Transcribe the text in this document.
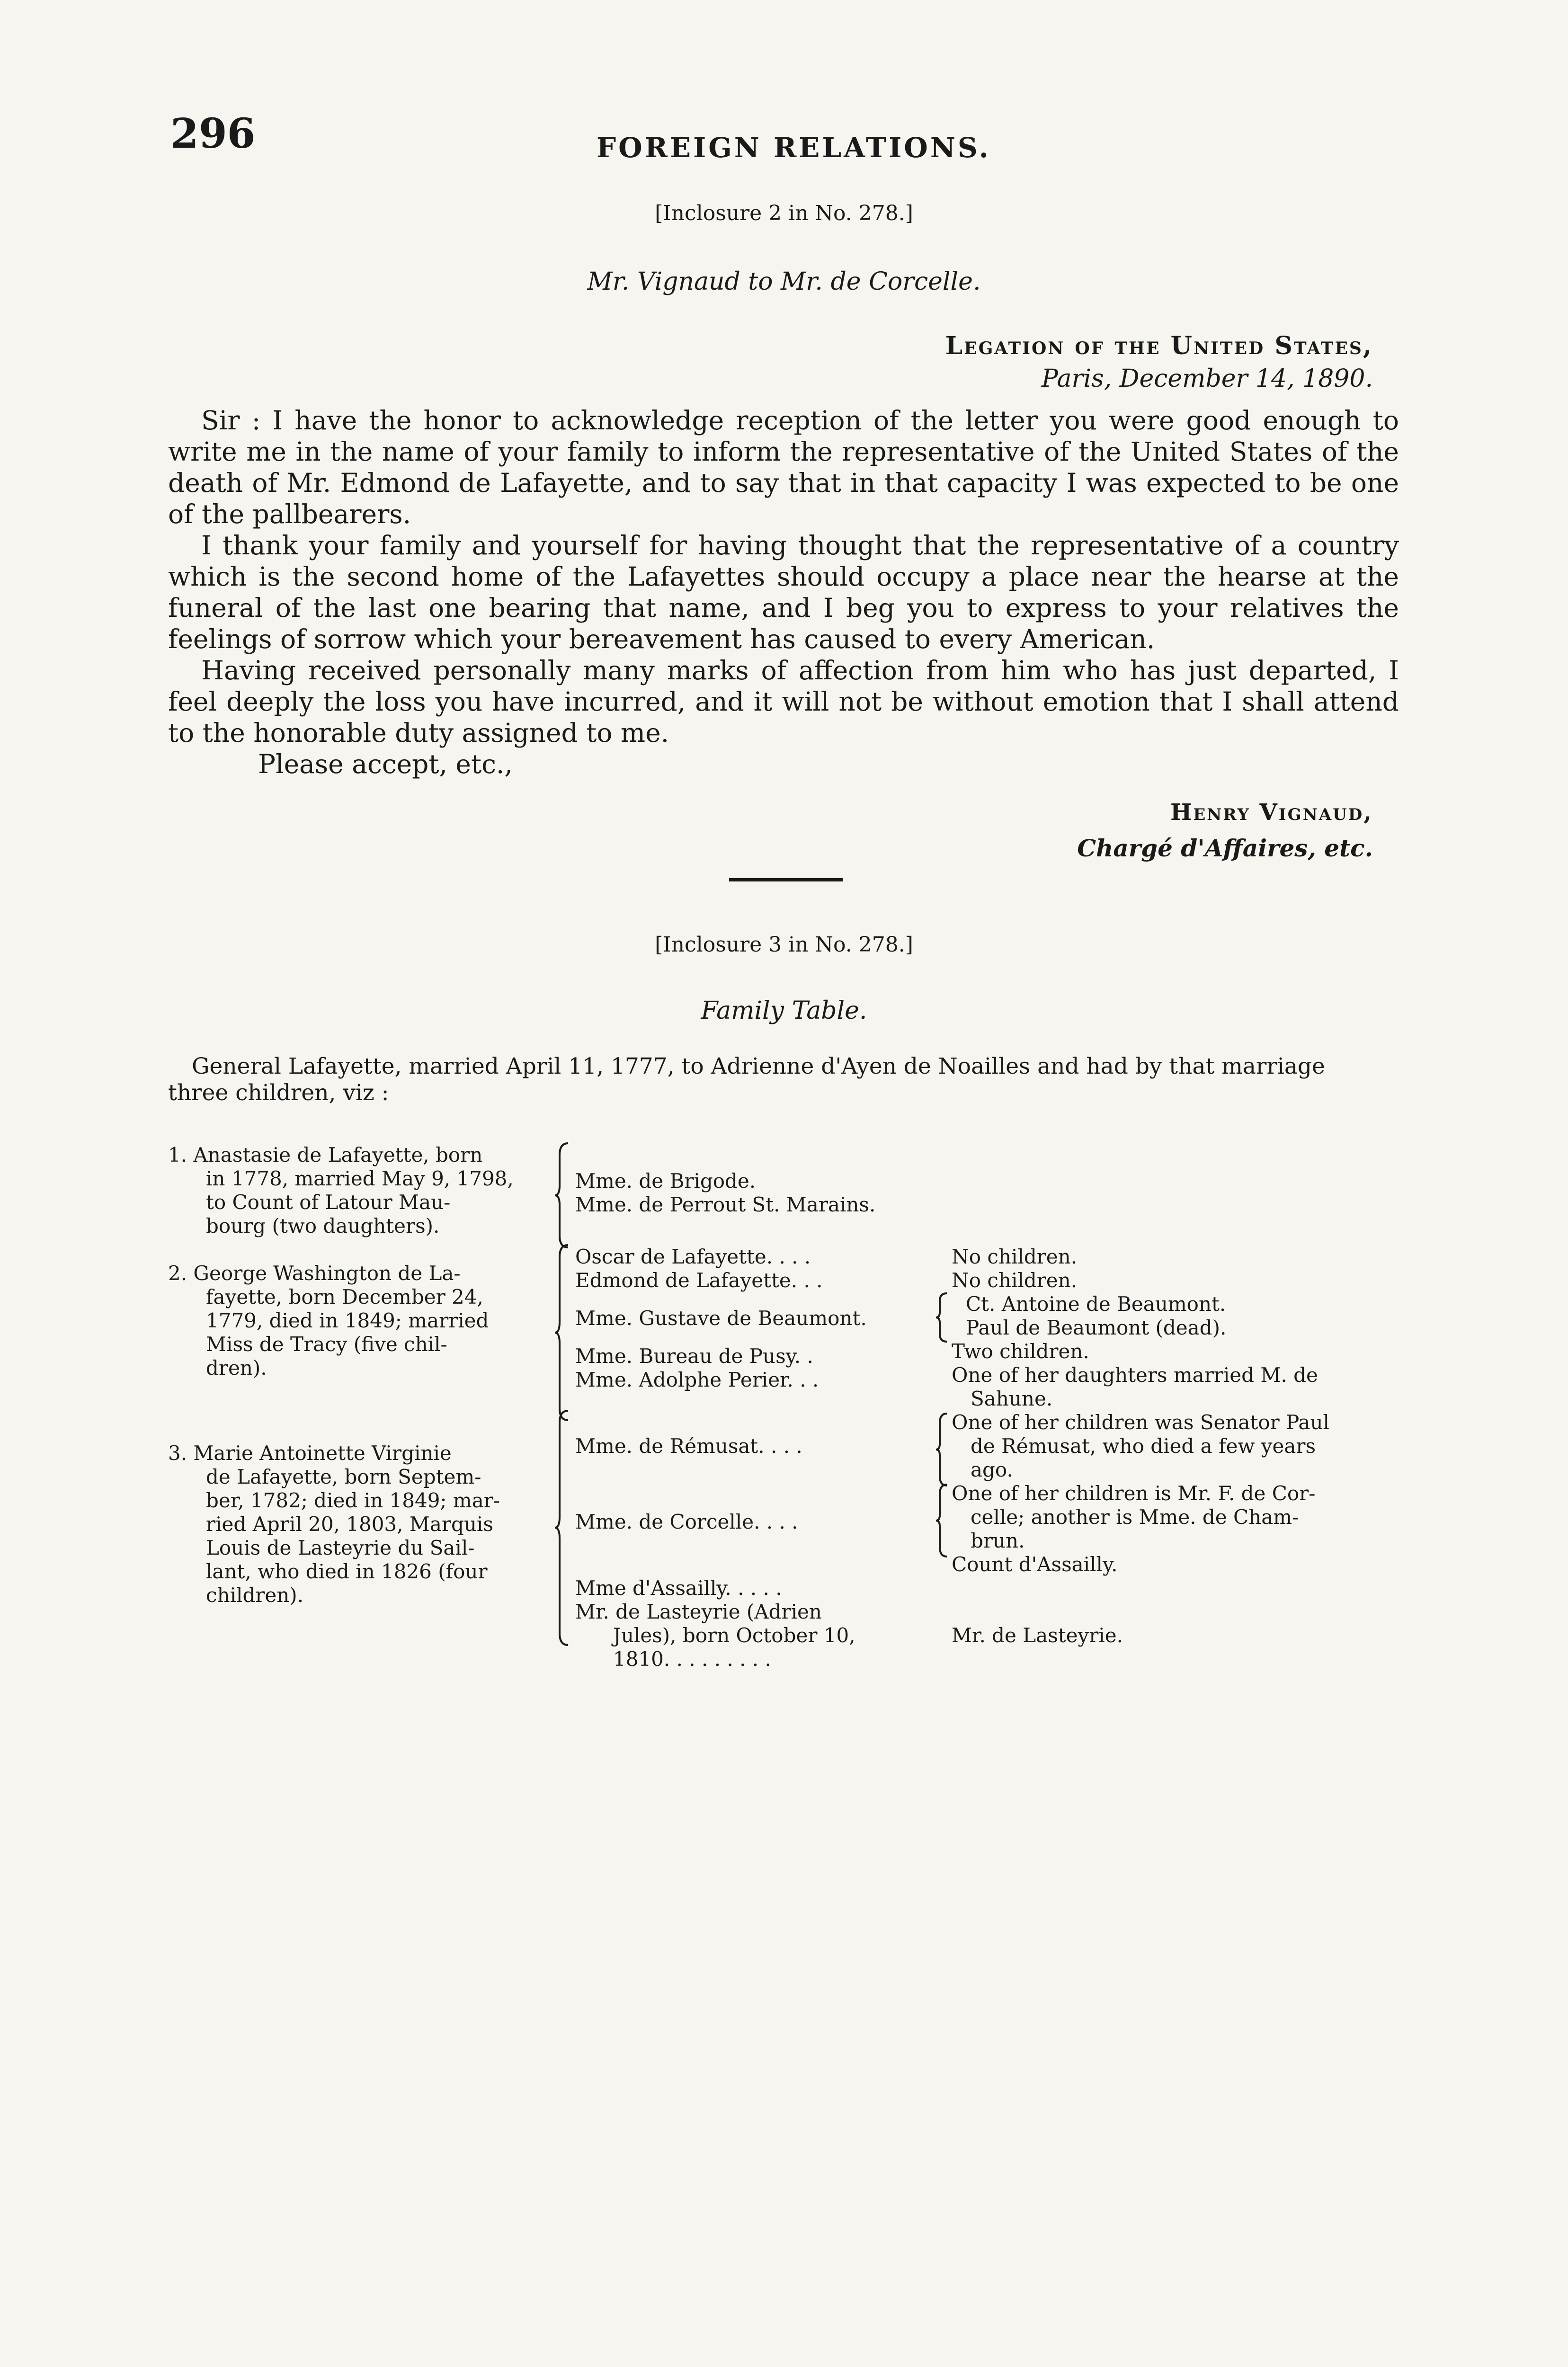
296	FOREIGN RELATIONS.
[Inclosure 2 in No. 278.]
Mr. Vignaud to Mr. de Corcelle.
Legation of the United States,
Paris, December 14, 1890.

Sir : I have the honor to acknowledge reception of the letter you were good enough to write me in the name of your family to inform the representative of the United States of the death of Mr. Edmond de Lafayette, and to say that in that capacity I was expected to be one of the pallbearers.

I thank your family and yourself for having thought that the representative of a country which is the second home of the Lafayettes should occupy a place near the hearse at the funeral of the last one bearing that name, and I beg you to express to your relatives the feelings of sorrow which your bereavement has caused to every American.

Having received personally many marks of affection from him who has just departed, I feel deeply the loss you have incurred, and it will not be without emotion that I shall attend to the honorable duty assigned to me.

Please accept, etc.,

Henry Vignaud,
Chargé d'Affaires, etc.
[Inclosure 3 in No. 278.]
Family Table.
General Lafayette, married April 11, 1777, to Adrienne d'Ayen de Noailles and had by that marriage
three children, viz :
1. Anastasie de Lafayette, born
in 1778, married May 9, 1798,
to Count of Latour Mau-
bourg (two daughters).
Mme. de Brigode.
Mme. de Perrout St. Marains.
2. George Washington de La-
fayette, born December 24,
1779, died in 1849; married
Miss de Tracy (five chil-
dren).
Oscar de Lafayette. . . .
Edmond de Lafayette. . .
Mme. Gustave de Beaumont.
Mme. Bureau de Pusy. .
Mme. Adolphe Perier. . .
No children.
No children.
Ct. Antoine de Beaumont.
Paul de Beaumont (dead).
Two children.
One of her daughters married M. de
Sahune.
3. Marie Antoinette Virginie
de Lafayette, born Septem-
ber, 1782; died in 1849; mar-
ried April 20, 1803, Marquis
Louis de Lasteyrie du Sail-
lant, who died in 1826 (four
children).
Mme. de Rémusat. . . .
Mme. de Corcelle. . . .
Mme d'Assailly. . . . .
Mr. de Lasteyrie (Adrien
Jules), born October 10,
1810. . . . . . . . .
One of her children was Senator Paul
de Rémusat, who died a few years
ago.
One of her children is Mr. F. de Cor-
celle; another is Mme. de Cham-
brun.
Count d'Assailly.
Mr. de Lasteyrie.
